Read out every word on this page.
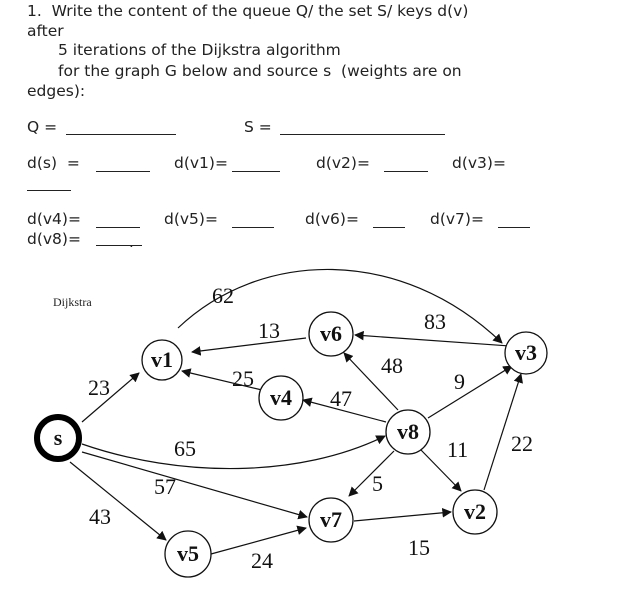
1.  Write the content of the queue Q/ the set S/ keys d(v)
after
5 iterations of the Dijkstra algorithm
for the graph G below and source s  (weights are on
edges):
Q =	S =
d(s)  =	d(v1)=	d(v2)=	d(v3)=
d(v4)=	d(v5)=	d(v6)=	d(v7)=
d(v8)=	.
Dijkstra	62
13	83
23	25
48
9
47
65
57
43
11 22
5
24
15
s
v1
v6
v3
v4
v8
v7	v2
v5
